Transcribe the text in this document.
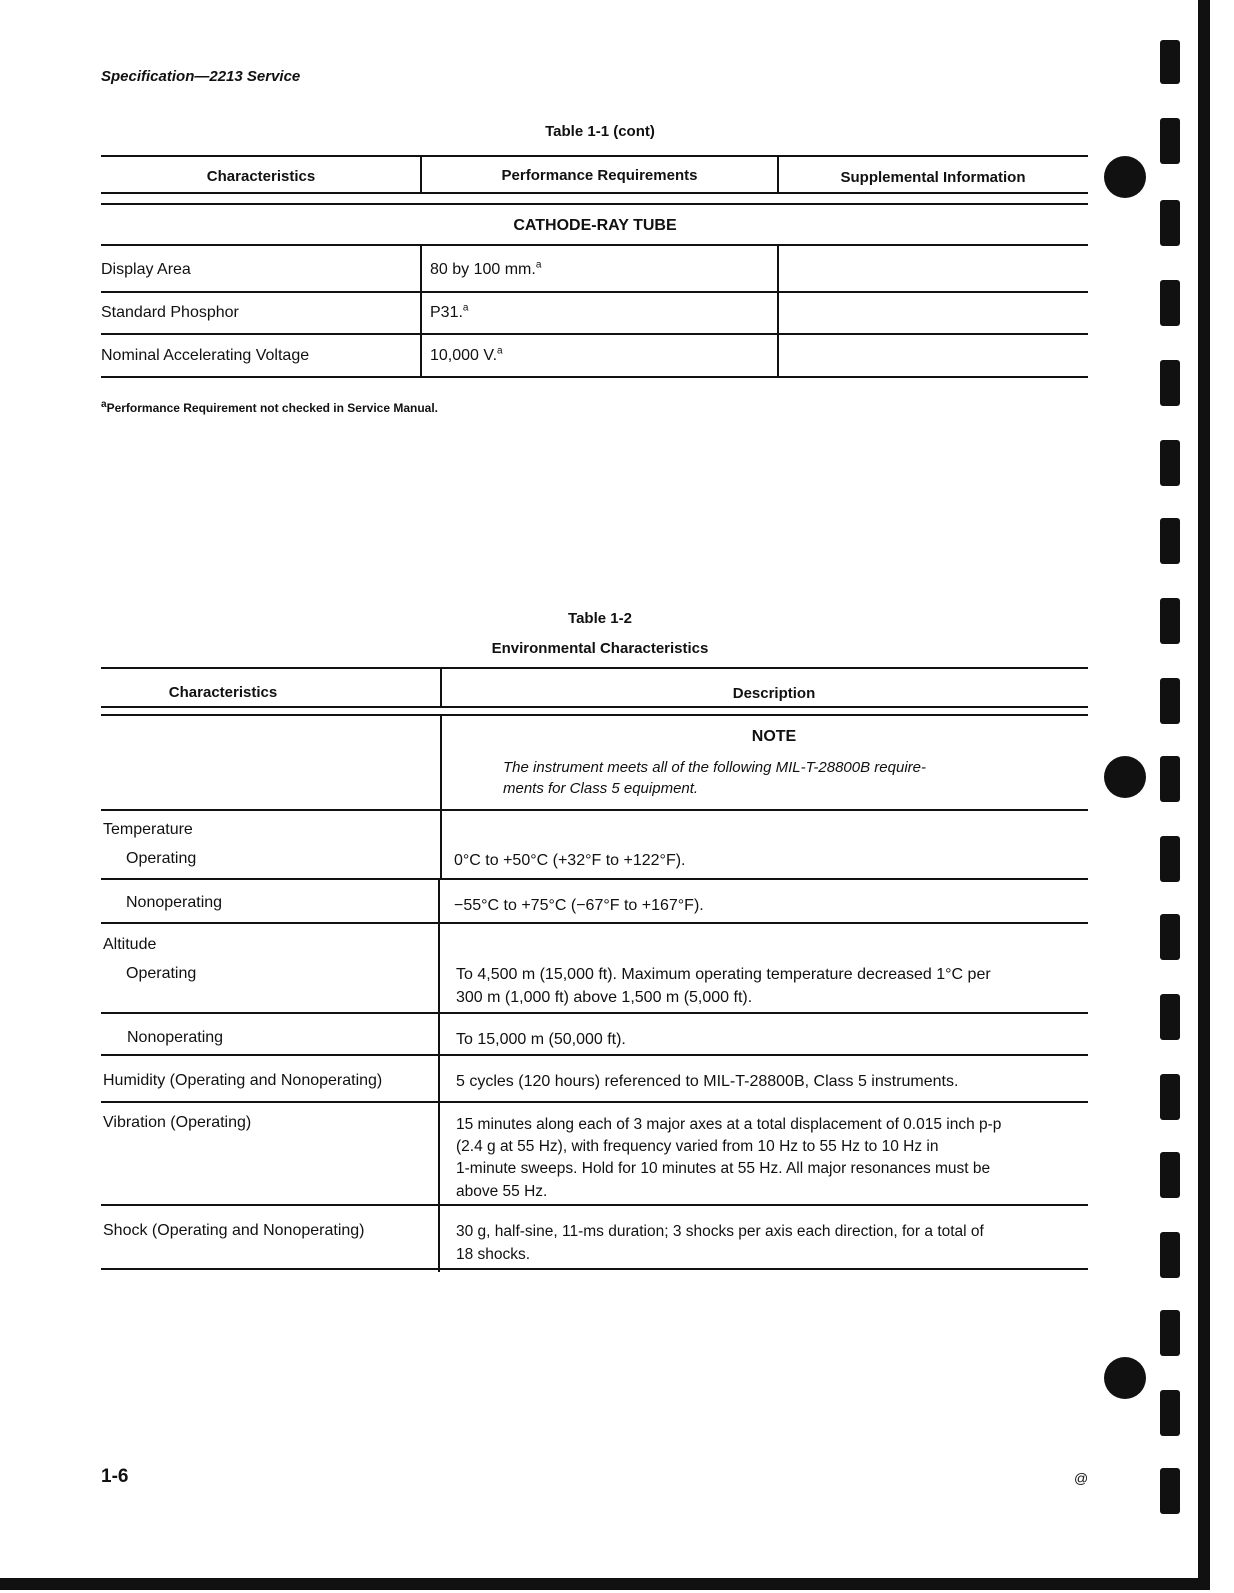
Specification—2213 Service
Table 1-1 (cont)
Characteristics	Performance Requirements	Supplemental Information
CATHODE-RAY TUBE
Display Area	80 by 100 mm.$^a$
Standard Phosphor	P31.$^a$
Nominal Accelerating Voltage	10,000 V.$^a$
$^a$Performance Requirement not checked in Service Manual.
Table 1-2
Environmental Characteristics
Characteristics	Description
NOTE
The instrument meets all of the following MIL-T-28800B require-
ments for Class 5 equipment.
Temperature
Operating	0°C to +50°C (+32°F to +122°F).
Nonoperating	−55°C to +75°C (−67°F to +167°F).
Altitude
Operating	To 4,500 m (15,000 ft). Maximum operating temperature decreased 1°C per
300 m (1,000 ft) above 1,500 m (5,000 ft).
Nonoperating	To 15,000 m (50,000 ft).
Humidity (Operating and Nonoperating)	5 cycles (120 hours) referenced to MIL-T-28800B, Class 5 instruments.
Vibration (Operating)	15 minutes along each of 3 major axes at a total displacement of 0.015 inch p-p
(2.4 g at 55 Hz), with frequency varied from 10 Hz to 55 Hz to 10 Hz in
1-minute sweeps. Hold for 10 minutes at 55 Hz. All major resonances must be
above 55 Hz.
Shock (Operating and Nonoperating)	30 g, half-sine, 11-ms duration; 3 shocks per axis each direction, for a total of
18 shocks.
1-6	@
